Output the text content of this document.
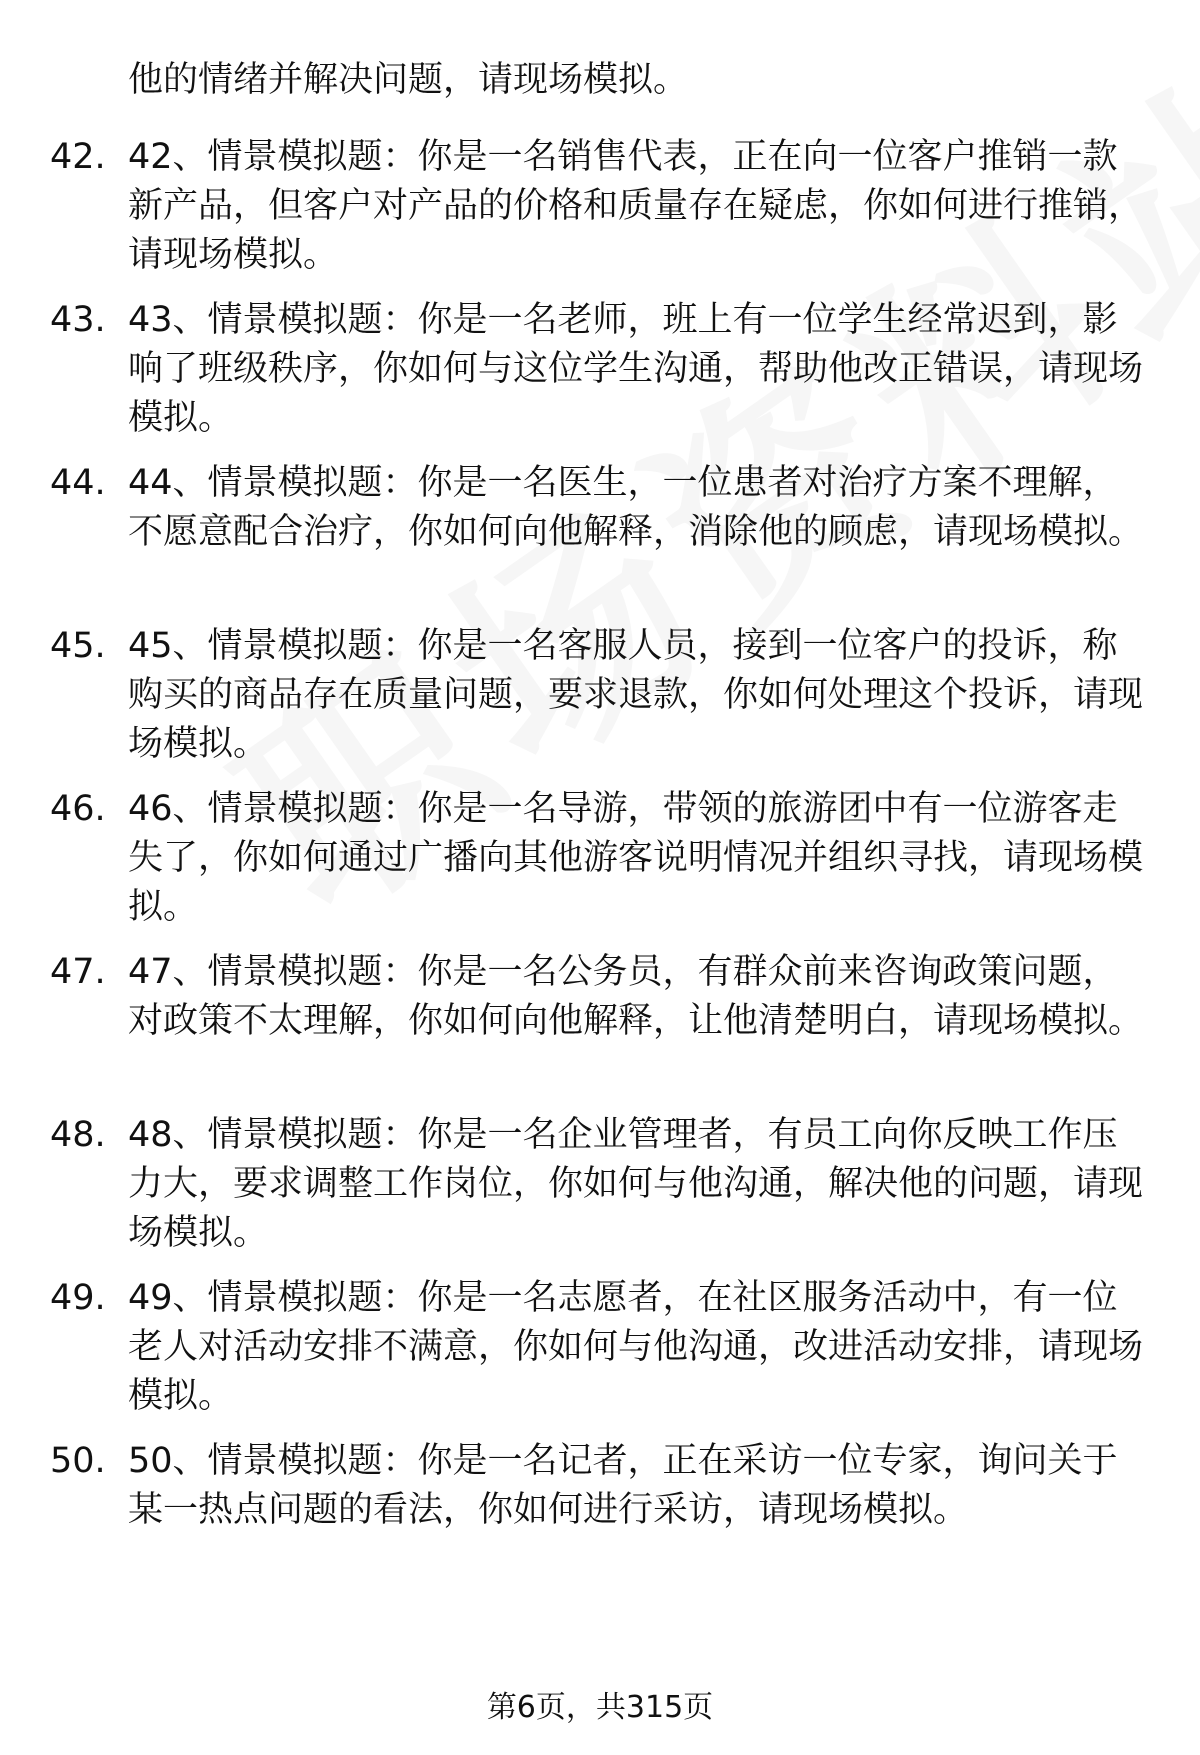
他的情绪并解决问题，请现场模拟。
42. 42、情景模拟题：你是一名销售代表，正在向一位客户推销一款新产品，但客户对产品的价格和质量存在疑虑，你如何进行推销，请现场模拟。
43. 43、情景模拟题：你是一名老师，班上有一位学生经常迟到，影响了班级秩序，你如何与这位学生沟通，帮助他改正错误，请现场模拟。
44. 44、情景模拟题：你是一名医生，一位患者对治疗方案不理解，不愿意配合治疗，你如何向他解释，消除他的顾虑，请现场模拟。
45. 45、情景模拟题：你是一名客服人员，接到一位客户的投诉，称购买的商品存在质量问题，要求退款，你如何处理这个投诉，请现场模拟。
46. 46、情景模拟题：你是一名导游，带领的旅游团中有一位游客走失了，你如何通过广播向其他游客说明情况并组织寻找，请现场模拟。
47. 47、情景模拟题：你是一名公务员，有群众前来咨询政策问题，对政策不太理解，你如何向他解释，让他清楚明白，请现场模拟。
48. 48、情景模拟题：你是一名企业管理者，有员工向你反映工作压力大，要求调整工作岗位，你如何与他沟通，解决他的问题，请现场模拟。
49. 49、情景模拟题：你是一名志愿者，在社区服务活动中，有一位老人对活动安排不满意，你如何与他沟通，改进活动安排，请现场模拟。
50. 50、情景模拟题：你是一名记者，正在采访一位专家，询问关于某一热点问题的看法，你如何进行采访，请现场模拟。
第6页，共315页
